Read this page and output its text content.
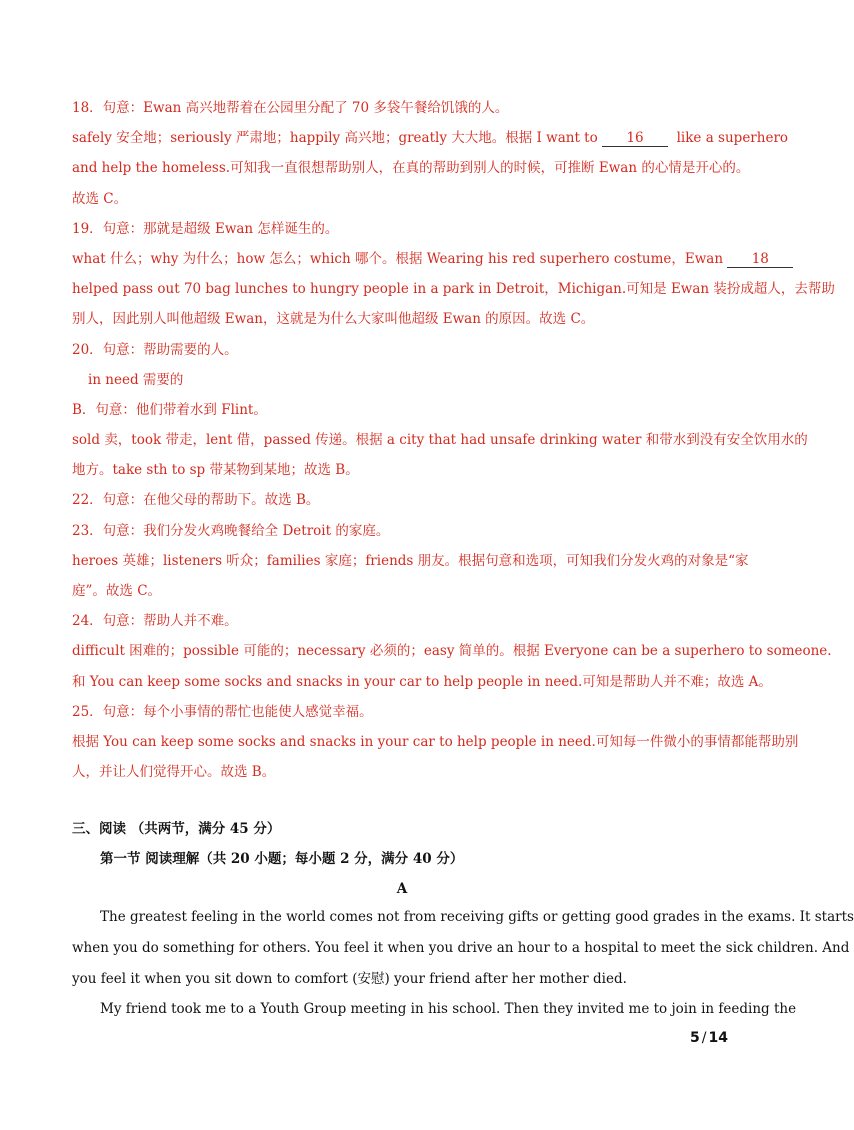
18．句意：Ewan 高兴地帮着在公园里分配了 70 多袋午餐给饥饿的人。
safely 安全地；seriously 严肃地；happily 高兴地；greatly 大大地。根据 I want to 16  like a superhero
and help the homeless.可知我一直很想帮助别人，在真的帮助到别人的时候，可推断 Ewan 的心情是开心的。
故选 C。
19．句意：那就是超级 Ewan 怎样诞生的。
what 什么；why 为什么；how 怎么；which 哪个。根据 Wearing his red superhero costume，Ewan 18
helped pass out 70 bag lunches to hungry people in a park in Detroit，Michigan.可知是 Ewan 装扮成超人，去帮助
别人，因此别人叫他超级 Ewan，这就是为什么大家叫他超级 Ewan 的原因。故选 C。
20．句意：帮助需要的人。
in need 需要的
B．句意：他们带着水到 Flint。
sold 卖，took 带走，lent 借，passed 传递。根据 a city that had unsafe drinking water 和带水到没有安全饮用水的
地方。take sth to sp 带某物到某地；故选 B。
22．句意：在他父母的帮助下。故选 B。
23．句意：我们分发火鸡晚餐给全 Detroit 的家庭。
heroes 英雄；listeners 听众；families 家庭；friends 朋友。根据句意和选项，可知我们分发火鸡的对象是“家
庭”。故选 C。
24．句意：帮助人并不难。
difficult 困难的；possible 可能的；necessary 必须的；easy 简单的。根据 Everyone can be a superhero to someone.
和 You can keep some socks and snacks in your car to help people in need.可知是帮助人并不难；故选 A。
25．句意：每个小事情的帮忙也能使人感觉幸福。
根据 You can keep some socks and snacks in your car to help people in need.可知每一件微小的事情都能帮助别
人，并让人们觉得开心。故选 B。
三、阅读 （共两节，满分 45 分）
第一节 阅读理解（共 20 小题；每小题 2 分，满分 40 分）
A
The greatest feeling in the world comes not from receiving gifts or getting good grades in the exams. It starts
when you do something for others. You feel it when you drive an hour to a hospital to meet the sick children. And
you feel it when you sit down to comfort (安慰) your friend after her mother died.
My friend took me to a Youth Group meeting in his school. Then they invited me to join in feeding the
5 / 14
